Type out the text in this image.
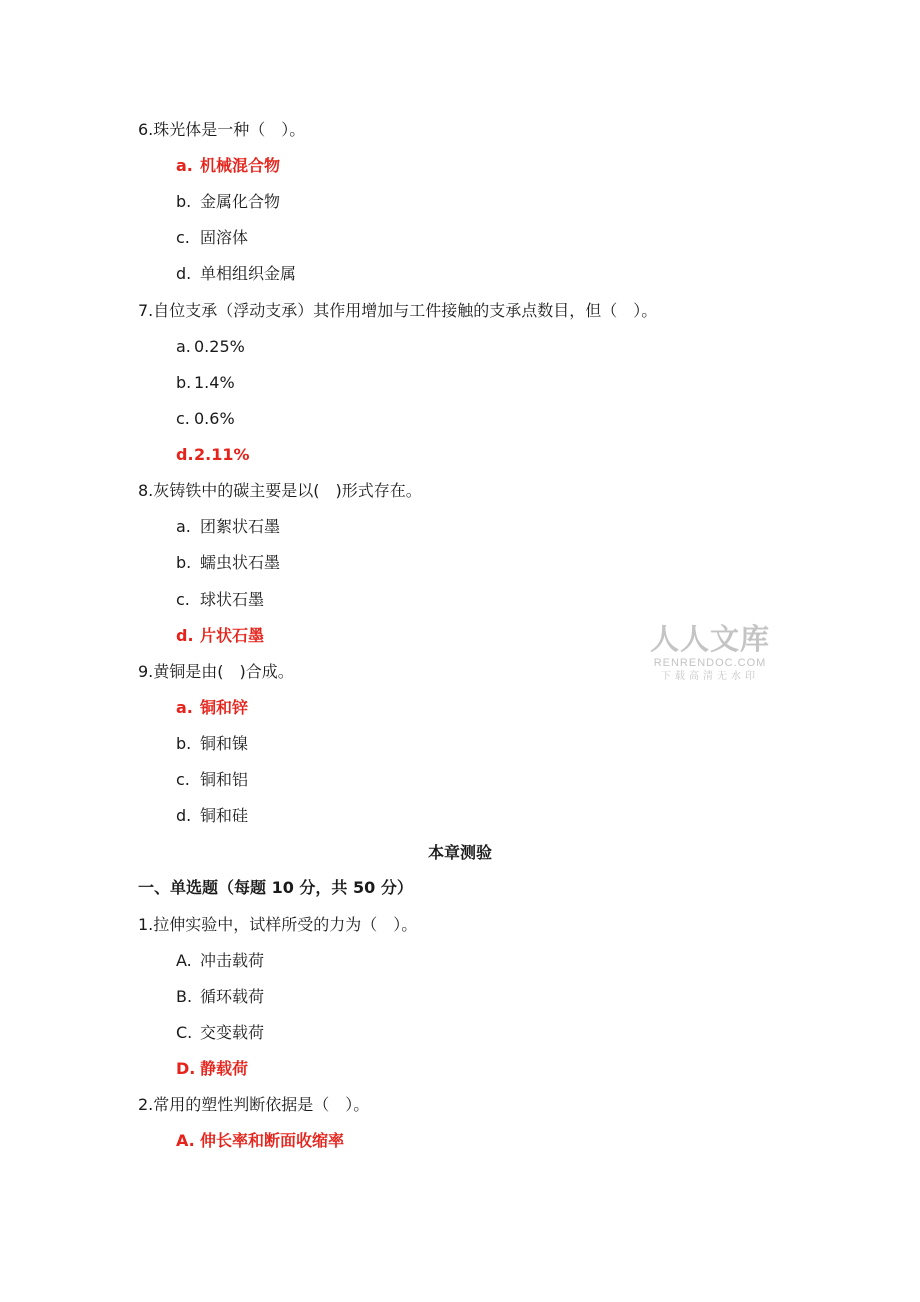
6.珠光体是一种（　）。
a. 机械混合物
b. 金属化合物
c. 固溶体
d. 单相组织金属
7.自位支承（浮动支承）其作用增加与工件接触的支承点数目，但（　）。
a. 0.25%
b. 1.4%
c. 0.6%
d.2.11%
8.灰铸铁中的碳主要是以(　)形式存在。
a. 团絮状石墨
b. 蠕虫状石墨
c. 球状石墨
d. 片状石墨
9.黄铜是由(　)合成。
a. 铜和锌
b. 铜和镍
c. 铜和铝
d. 铜和硅
本章测验
一、单选题（每题 10 分，共 50 分）
1.拉伸实验中，试样所受的力为（　）。
A. 冲击载荷
B. 循环载荷
C. 交变载荷
D. 静载荷
2.常用的塑性判断依据是（　）。
A. 伸长率和断面收缩率
人人文库
RENRENDOC.COM
下载高清无水印
